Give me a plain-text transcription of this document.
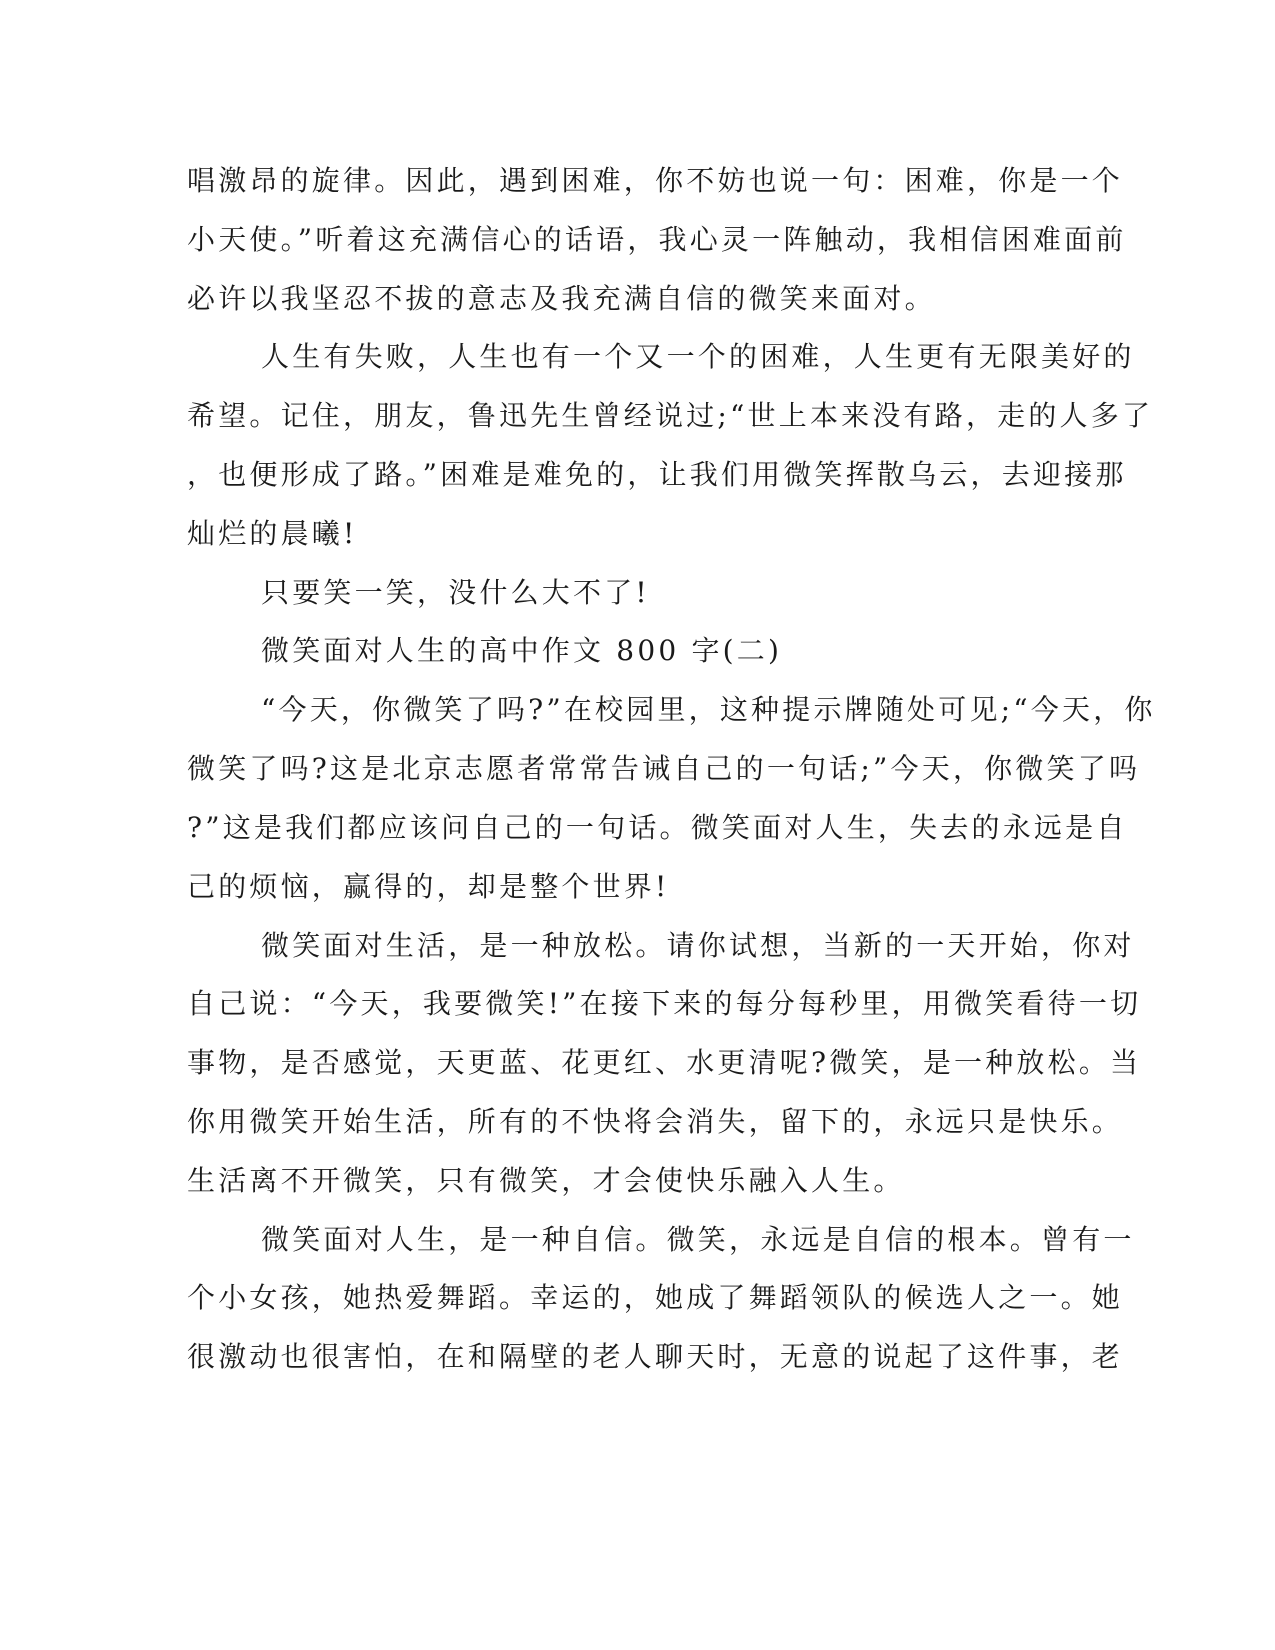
唱激昂的旋律。因此，遇到困难，你不妨也说一句：困难，你是一个
小天使。”听着这充满信心的话语，我心灵一阵触动，我相信困难面前
必许以我坚忍不拔的意志及我充满自信的微笑来面对。
人生有失败，人生也有一个又一个的困难，人生更有无限美好的
希望。记住，朋友，鲁迅先生曾经说过;“世上本来没有路，走的人多了
，也便形成了路。”困难是难免的，让我们用微笑挥散乌云，去迎接那
灿烂的晨曦!
只要笑一笑，没什么大不了!
微笑面对人生的高中作文 800 字(二)
“今天，你微笑了吗?”在校园里，这种提示牌随处可见;“今天，你
微笑了吗?这是北京志愿者常常告诫自己的一句话;”今天，你微笑了吗
?”这是我们都应该问自己的一句话。微笑面对人生，失去的永远是自
己的烦恼，赢得的，却是整个世界!
微笑面对生活，是一种放松。请你试想，当新的一天开始，你对
自己说：“今天，我要微笑!”在接下来的每分每秒里，用微笑看待一切
事物，是否感觉，天更蓝、花更红、水更清呢?微笑，是一种放松。当
你用微笑开始生活，所有的不快将会消失，留下的，永远只是快乐。
生活离不开微笑，只有微笑，才会使快乐融入人生。
微笑面对人生，是一种自信。微笑，永远是自信的根本。曾有一
个小女孩，她热爱舞蹈。幸运的，她成了舞蹈领队的候选人之一。她
很激动也很害怕，在和隔壁的老人聊天时，无意的说起了这件事，老
